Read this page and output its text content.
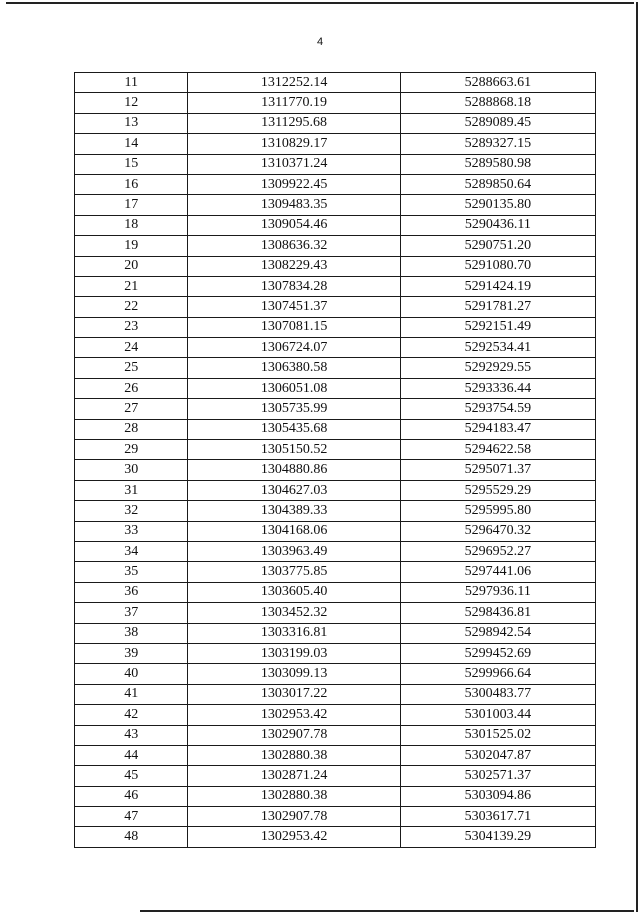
4
11	1312252.14	5288663.61
12	1311770.19	5288868.18
13	1311295.68	5289089.45
14	1310829.17	5289327.15
15	1310371.24	5289580.98
16	1309922.45	5289850.64
17	1309483.35	5290135.80
18	1309054.46	5290436.11
19	1308636.32	5290751.20
20	1308229.43	5291080.70
21	1307834.28	5291424.19
22	1307451.37	5291781.27
23	1307081.15	5292151.49
24	1306724.07	5292534.41
25	1306380.58	5292929.55
26	1306051.08	5293336.44
27	1305735.99	5293754.59
28	1305435.68	5294183.47
29	1305150.52	5294622.58
30	1304880.86	5295071.37
31	1304627.03	5295529.29
32	1304389.33	5295995.80
33	1304168.06	5296470.32
34	1303963.49	5296952.27
35	1303775.85	5297441.06
36	1303605.40	5297936.11
37	1303452.32	5298436.81
38	1303316.81	5298942.54
39	1303199.03	5299452.69
40	1303099.13	5299966.64
41	1303017.22	5300483.77
42	1302953.42	5301003.44
43	1302907.78	5301525.02
44	1302880.38	5302047.87
45	1302871.24	5302571.37
46	1302880.38	5303094.86
47	1302907.78	5303617.71
48	1302953.42	5304139.29
